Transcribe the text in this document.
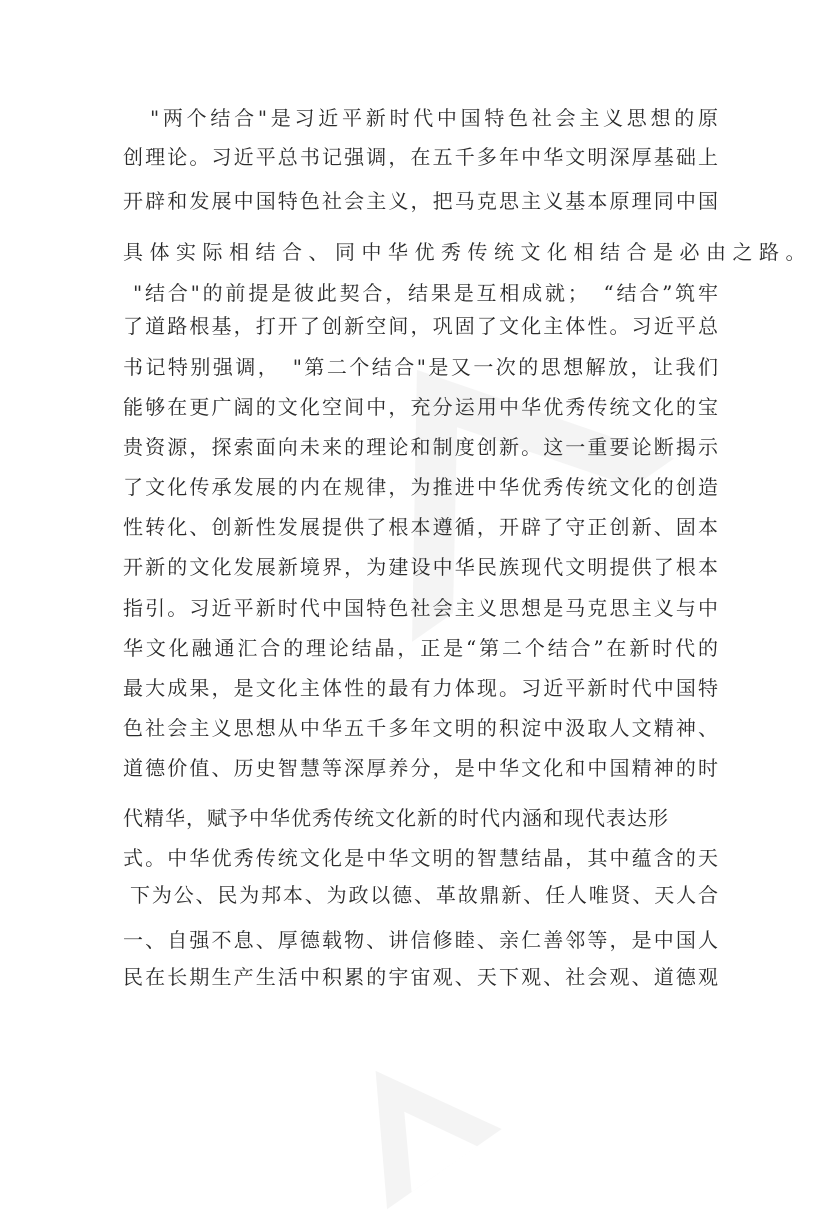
"两个结合"是习近平新时代中国特色社会主义思想的原
创理论。习近平总书记强调，在五千多年中华文明深厚基础上
开辟和发展中国特色社会主义，把马克思主义基本原理同中国
具体实际相结合、同中华优秀传统文化相结合是必由之路。
"结合"的前提是彼此契合，结果是互相成就；　“结合”筑牢
了道路根基，打开了创新空间，巩固了文化主体性。习近平总
书记特别强调，　"第二个结合"是又一次的思想解放，让我们
能够在更广阔的文化空间中，充分运用中华优秀传统文化的宝
贵资源，探索面向未来的理论和制度创新。这一重要论断揭示
了文化传承发展的内在规律，为推进中华优秀传统文化的创造
性转化、创新性发展提供了根本遵循，开辟了守正创新、固本
开新的文化发展新境界，为建设中华民族现代文明提供了根本
指引。习近平新时代中国特色社会主义思想是马克思主义与中
华文化融通汇合的理论结晶，正是“第二个结合”在新时代的
最大成果，是文化主体性的最有力体现。习近平新时代中国特
色社会主义思想从中华五千多年文明的积淀中汲取人文精神、
道德价值、历史智慧等深厚养分，是中华文化和中国精神的时
代精华，赋予中华优秀传统文化新的时代内涵和现代表达形
式。中华优秀传统文化是中华文明的智慧结晶，其中蕴含的天
下为公、民为邦本、为政以德、革故鼎新、任人唯贤、天人合
一、自强不息、厚德载物、讲信修睦、亲仁善邻等，是中国人
民在长期生产生活中积累的宇宙观、天下观、社会观、道德观
